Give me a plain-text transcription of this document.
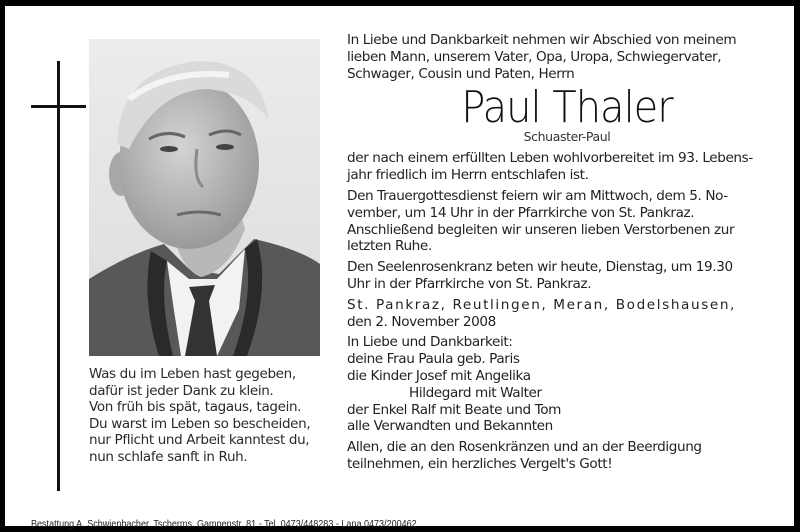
Was du im Leben hast gegeben,
dafür ist jeder Dank zu klein.
Von früh bis spät, tagaus, tagein.
Du warst im Leben so bescheiden,
nur Pflicht und Arbeit kanntest du,
nun schlafe sanft in Ruh.
In Liebe und Dankbarkeit nehmen wir Abschied von meinem
lieben Mann, unserem Vater, Opa, Uropa, Schwiegervater,
Schwager, Cousin und Paten, Herrn
Paul Thaler
Schuaster-Paul
der nach einem erfüllten Leben wohlvorbereitet im 93. Lebens-
jahr friedlich im Herrn entschlafen ist.
Den Trauergottesdienst feiern wir am Mittwoch, dem 5. No-
vember, um 14 Uhr in der Pfarrkirche von St. Pankraz.
Anschließend begleiten wir unseren lieben Verstorbenen zur
letzten Ruhe.
Den Seelenrosenkranz beten wir heute, Dienstag, um 19.30
Uhr in der Pfarrkirche von St. Pankraz.
St. Pankraz, Reutlingen, Meran, Bodelshausen,
den 2. November 2008
In Liebe und Dankbarkeit:
deine Frau Paula geb. Paris
die Kinder Josef mit Angelika
Hildegard mit Walter
der Enkel Ralf mit Beate und Tom
alle Verwandten und Bekannten
Allen, die an den Rosenkränzen und an der Beerdigung
teilnehmen, ein herzliches Vergelt's Gott!
Bestattung A. Schwienbacher, Tscherms, Gampenstr. 81 - Tel. 0473/448283 - Lana 0473/200462
